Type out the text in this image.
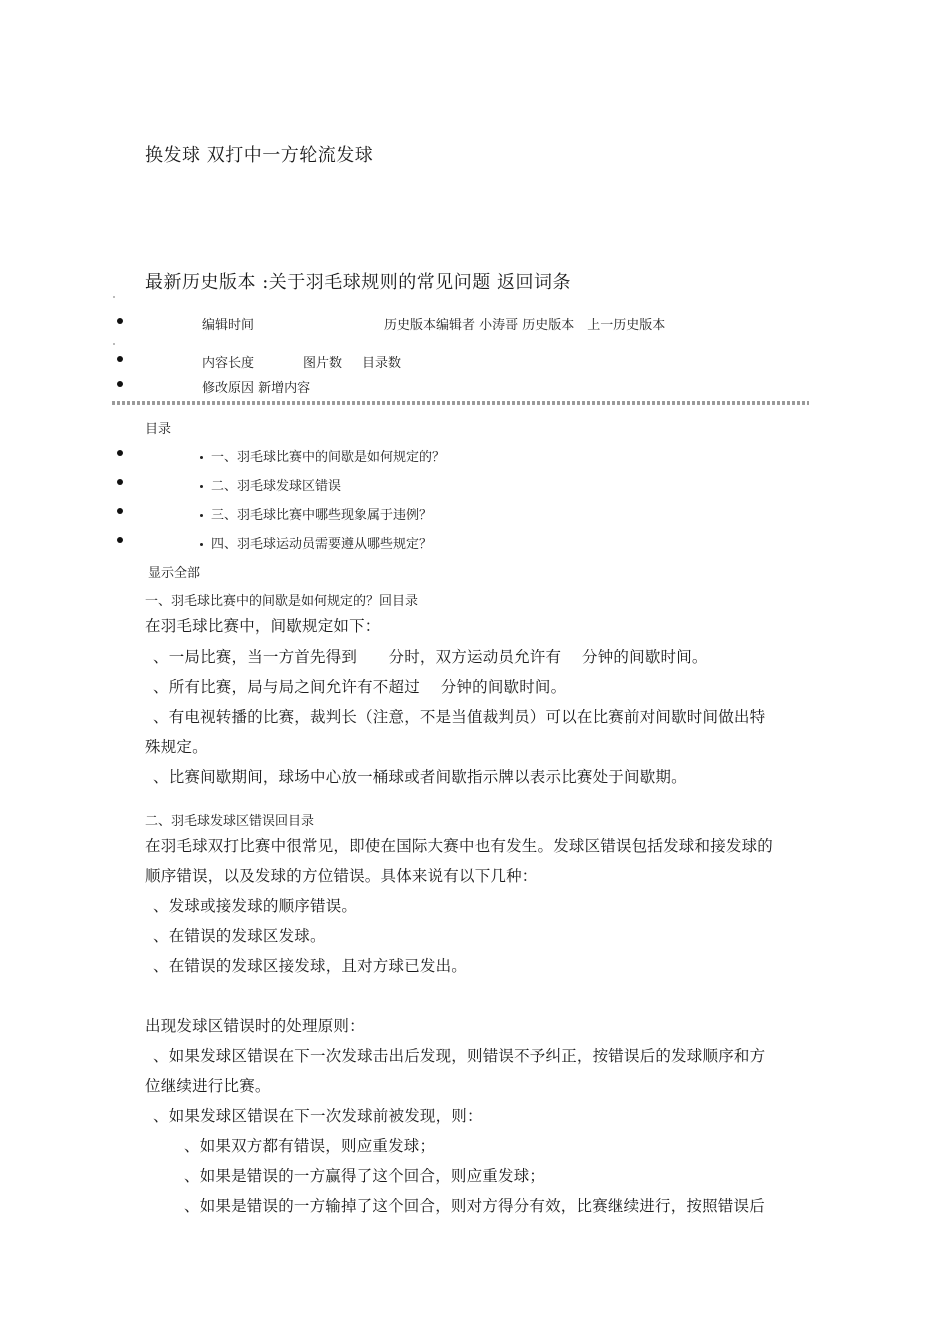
换发球 双打中一方轮流发球
最新历史版本 :关于羽毛球规则的常见问题 返回词条
编辑时间	历史版本编辑者 小涛哥 历史版本　上一历史版本
内容长度	图片数 目录数
修改原因 新增内容
目录
一、羽毛球比赛中的间歇是如何规定的？
二、羽毛球发球区错误
三、羽毛球比赛中哪些现象属于违例？
四、羽毛球运动员需要遵从哪些规定？
显示全部
一、羽毛球比赛中的间歇是如何规定的？回目录
在羽毛球比赛中，间歇规定如下：
、一局比赛，当一方首先得到　　分时，双方运动员允许有　 分钟的间歇时间。
、所有比赛，局与局之间允许有不超过　 分钟的间歇时间。
、有电视转播的比赛，裁判长（注意，不是当值裁判员）可以在比赛前对间歇时间做出特
殊规定。
、比赛间歇期间，球场中心放一桶球或者间歇指示牌以表示比赛处于间歇期。
二、羽毛球发球区错误回目录
在羽毛球双打比赛中很常见，即使在国际大赛中也有发生。发球区错误包括发球和接发球的
顺序错误，以及发球的方位错误。具体来说有以下几种：
、发球或接发球的顺序错误。
、在错误的发球区发球。
、在错误的发球区接发球，且对方球已发出。
出现发球区错误时的处理原则：
、如果发球区错误在下一次发球击出后发现，则错误不予纠正，按错误后的发球顺序和方
位继续进行比赛。
、如果发球区错误在下一次发球前被发现，则：
、如果双方都有错误，则应重发球；
、如果是错误的一方赢得了这个回合，则应重发球；
、如果是错误的一方输掉了这个回合，则对方得分有效，比赛继续进行，按照错误后
